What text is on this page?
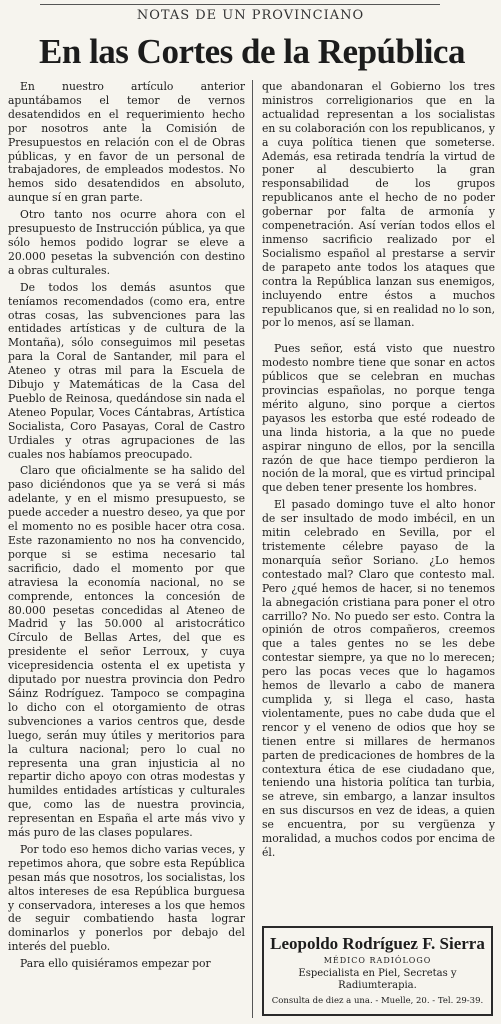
NOTAS DE UN PROVINCIANO
En las Cortes de la República

En nuestro artículo anterior apuntábamos el temor de vernos desatendidos en el requerimiento hecho por nosotros ante la Comisión de Presupuestos en relación con el de Obras públicas, y en favor de un personal de trabajadores, de empleados modestos. No hemos sido desatendidos en absoluto, aunque sí en gran parte.

Otro tanto nos ocurre ahora con el presupuesto de Instrucción pública, ya que sólo hemos podido lograr se eleve a 20.000 pesetas la subvención con destino a obras culturales.

De todos los demás asuntos que teníamos recomendados (como era, entre otras cosas, las subvenciones para las entidades artísticas y de cultura de la Montaña), sólo conseguimos mil pesetas para la Coral de Santander, mil para el Ateneo y otras mil para la Escuela de Dibujo y Matemáticas de la Casa del Pueblo de Reinosa, quedándose sin nada el Ateneo Popular, Voces Cántabras, Artística Socialista, Coro Pasayas, Coral de Castro Urdiales y otras agrupaciones de las cuales nos habíamos preocupado.

Claro que oficialmente se ha salido del paso diciéndonos que ya se verá si más adelante, y en el mismo presupuesto, se puede acceder a nuestro deseo, ya que por el momento no es posible hacer otra cosa. Este razonamiento no nos ha convencido, porque si se estima necesario tal sacrificio, dado el momento por que atraviesa la economía nacional, no se comprende, entonces la concesión de 80.000 pesetas concedidas al Ateneo de Madrid y las 50.000 al aristocrático Círculo de Bellas Artes, del que es presidente el señor Lerroux, y cuya vicepresidencia ostenta el ex upetista y diputado por nuestra provincia don Pedro Sáinz Rodríguez. Tampoco se compagina lo dicho con el otorgamiento de otras subvenciones a varios centros que, desde luego, serán muy útiles y meritorios para la cultura nacional; pero lo cual no representa una gran injusticia al no repartir dicho apoyo con otras modestas y humildes entidades artísticas y culturales que, como las de nuestra provincia, representan en España el arte más vivo y más puro de las clases populares.

Por todo eso hemos dicho varias veces, y repetimos ahora, que sobre esta República pesan más que nosotros, los socialistas, los altos intereses de esa República burguesa y conservadora, intereses a los que hemos de seguir combatiendo hasta lograr dominarlos y ponerlos por debajo del interés del pueblo.

Para ello quisiéramos empezar por

que abandonaran el Gobierno los tres ministros correligionarios que en la actualidad representan a los socialistas en su colaboración con los republicanos, y a cuya política tienen que someterse. Además, esa retirada tendría la virtud de poner al descubierto la gran responsabilidad de los grupos republicanos ante el hecho de no poder gobernar por falta de armonía y compenetración. Así verían todos ellos el inmenso sacrificio realizado por el Socialismo español al prestarse a servir de parapeto ante todos los ataques que contra la República lanzan sus enemigos, incluyendo entre éstos a muchos republicanos que, si en realidad no lo son, por lo menos, así se llaman.

Pues señor, está visto que nuestro modesto nombre tiene que sonar en actos públicos que se celebran en muchas provincias españolas, no porque tenga mérito alguno, sino porque a ciertos payasos les estorba que esté rodeado de una linda historia, a la que no puede aspirar ninguno de ellos, por la sencilla razón de que hace tiempo perdieron la noción de la moral, que es virtud principal que deben tener presente los hombres.

El pasado domingo tuve el alto honor de ser insultado de modo imbécil, en un mitin celebrado en Sevilla, por el tristemente célebre payaso de la monarquía señor Soriano. ¿Lo hemos contestado mal? Claro que contesto mal. Pero ¿qué hemos de hacer, si no tenemos la abnegación cristiana para poner el otro carrillo? No. No puedo ser esto. Contra la opinión de otros compañeros, creemos que a tales gentes no se les debe contestar siempre, ya que no lo merecen; pero las pocas veces que lo hagamos hemos de llevarlo a cabo de manera cumplida y, si llega el caso, hasta violentamente, pues no cabe duda que el rencor y el veneno de odios que hoy se tienen entre si millares de hermanos parten de predicaciones de hombres de la contextura ética de ese ciudadano que, teniendo una historia política tan turbia, se atreve, sin embargo, a lanzar insultos en sus discursos en vez de ideas, a quien se encuentra, por su vergüenza y moralidad, a muchos codos por encima de él.

Leopoldo Rodríguez F. Sierra
MÉDICO RADIÓLOGO
Especialista en Piel, Secretas y Radiumterapia.
Consulta de diez a una. - Muelle, 20. - Tel. 29-39.
